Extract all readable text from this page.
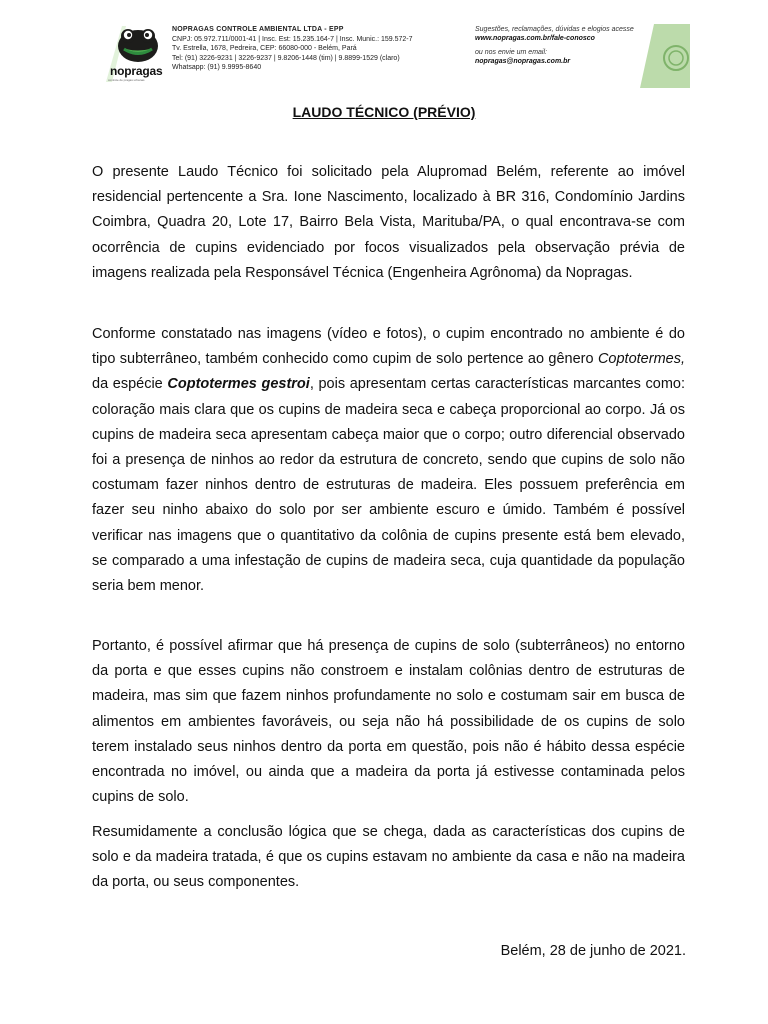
nopragas
controle de pragas urbanas
NOPRAGAS CONTROLE AMBIENTAL LTDA - EPP
CNPJ: 05.972.711/0001-41 | Insc. Est: 15.235.164-7 | Insc. Munic.: 159.572-7
Tv. Estrella, 1678, Pedreira, CEP: 66080-000 - Belém, Pará
Tel: (91) 3226-9231 | 3226-9237 | 9.8206-1448 (tim) | 9.8899-1529 (claro)
Whatsapp: (91) 9.9995-8640
Sugestões, reclamações, dúvidas e elogios acesse
www.nopragas.com.br/fale-conosco
ou nos envie um email:
nopragas@nopragas.com.br
LAUDO TÉCNICO (PRÉVIO)

O presente Laudo Técnico foi solicitado pela Alupromad Belém, referente ao imóvel residencial pertencente a Sra. Ione Nascimento, localizado à BR 316, Condomínio Jardins Coimbra, Quadra 20, Lote 17, Bairro Bela Vista, Marituba/PA, o qual encontrava-se com ocorrência de cupins evidenciado por focos visualizados pela observação prévia de imagens realizada pela Responsável Técnica (Engenheira Agrônoma) da Nopragas.

Conforme constatado nas imagens (vídeo e fotos), o cupim encontrado no ambiente é do tipo subterrâneo, também conhecido como cupim de solo pertence ao gênero Coptotermes, da espécie Coptotermes gestroi, pois apresentam certas características marcantes como: coloração mais clara que os cupins de madeira seca e cabeça proporcional ao corpo. Já os cupins de madeira seca apresentam cabeça maior que o corpo; outro diferencial observado foi a presença de ninhos ao redor da estrutura de concreto, sendo que cupins de solo não costumam fazer ninhos dentro de estruturas de madeira. Eles possuem preferência em fazer seu ninho abaixo do solo por ser ambiente escuro e úmido. Também é possível verificar nas imagens que o quantitativo da colônia de cupins presente está bem elevado, se comparado a uma infestação de cupins de madeira seca, cuja quantidade da população seria bem menor.

Portanto, é possível afirmar que há presença de cupins de solo (subterrâneos) no entorno da porta e que esses cupins não constroem e instalam colônias dentro de estruturas de madeira, mas sim que fazem ninhos profundamente no solo e costumam sair em busca de alimentos em ambientes favoráveis, ou seja não há possibilidade de os cupins de solo terem instalado seus ninhos dentro da porta em questão, pois não é hábito dessa espécie encontrada no imóvel, ou ainda que a madeira da porta já estivesse contaminada pelos cupins de solo.

Resumidamente a conclusão lógica que se chega, dada as características dos cupins de solo e da madeira tratada, é que os cupins estavam no ambiente da casa e não na madeira da porta, ou seus componentes.

Belém, 28 de junho de 2021.
